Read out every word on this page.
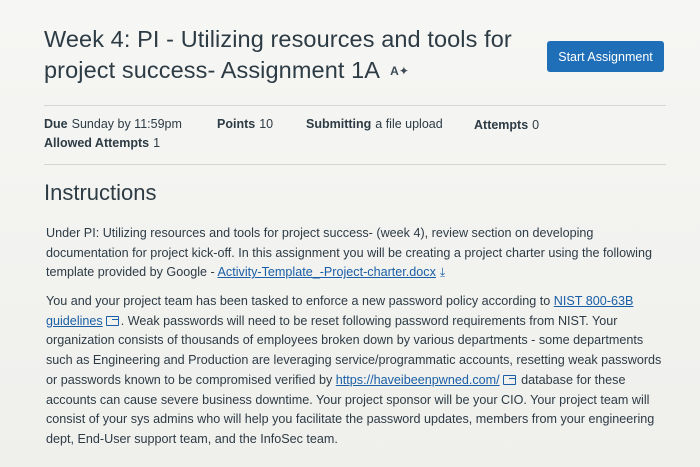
Week 4: PI - Utilizing resources and tools for project success- Assignment 1A A✦
Start Assignment
Due Sunday by 11:59pm	Points 10	Submitting a file upload	Attempts 0
Allowed Attempts 1
Instructions
Under PI: Utilizing resources and tools for project success- (week 4), review section on developing documentation for project kick-off. In this assignment you will be creating a project charter using the following template provided by Google - Activity-Template_-Project-charter.docx ⤓
You and your project team has been tasked to enforce a new password policy according to NIST 800-63B guidelines . Weak passwords will need to be reset following password requirements from NIST. Your organization consists of thousands of employees broken down by various departments - some departments such as Engineering and Production are leveraging service/programmatic accounts, resetting weak passwords or passwords known to be compromised verified by https://haveibeenpwned.com/ database for these accounts can cause severe business downtime. Your project sponsor will be your CIO. Your project team will consist of your sys admins who will help you facilitate the password updates, members from your engineering dept, End-User support team, and the InfoSec team.
